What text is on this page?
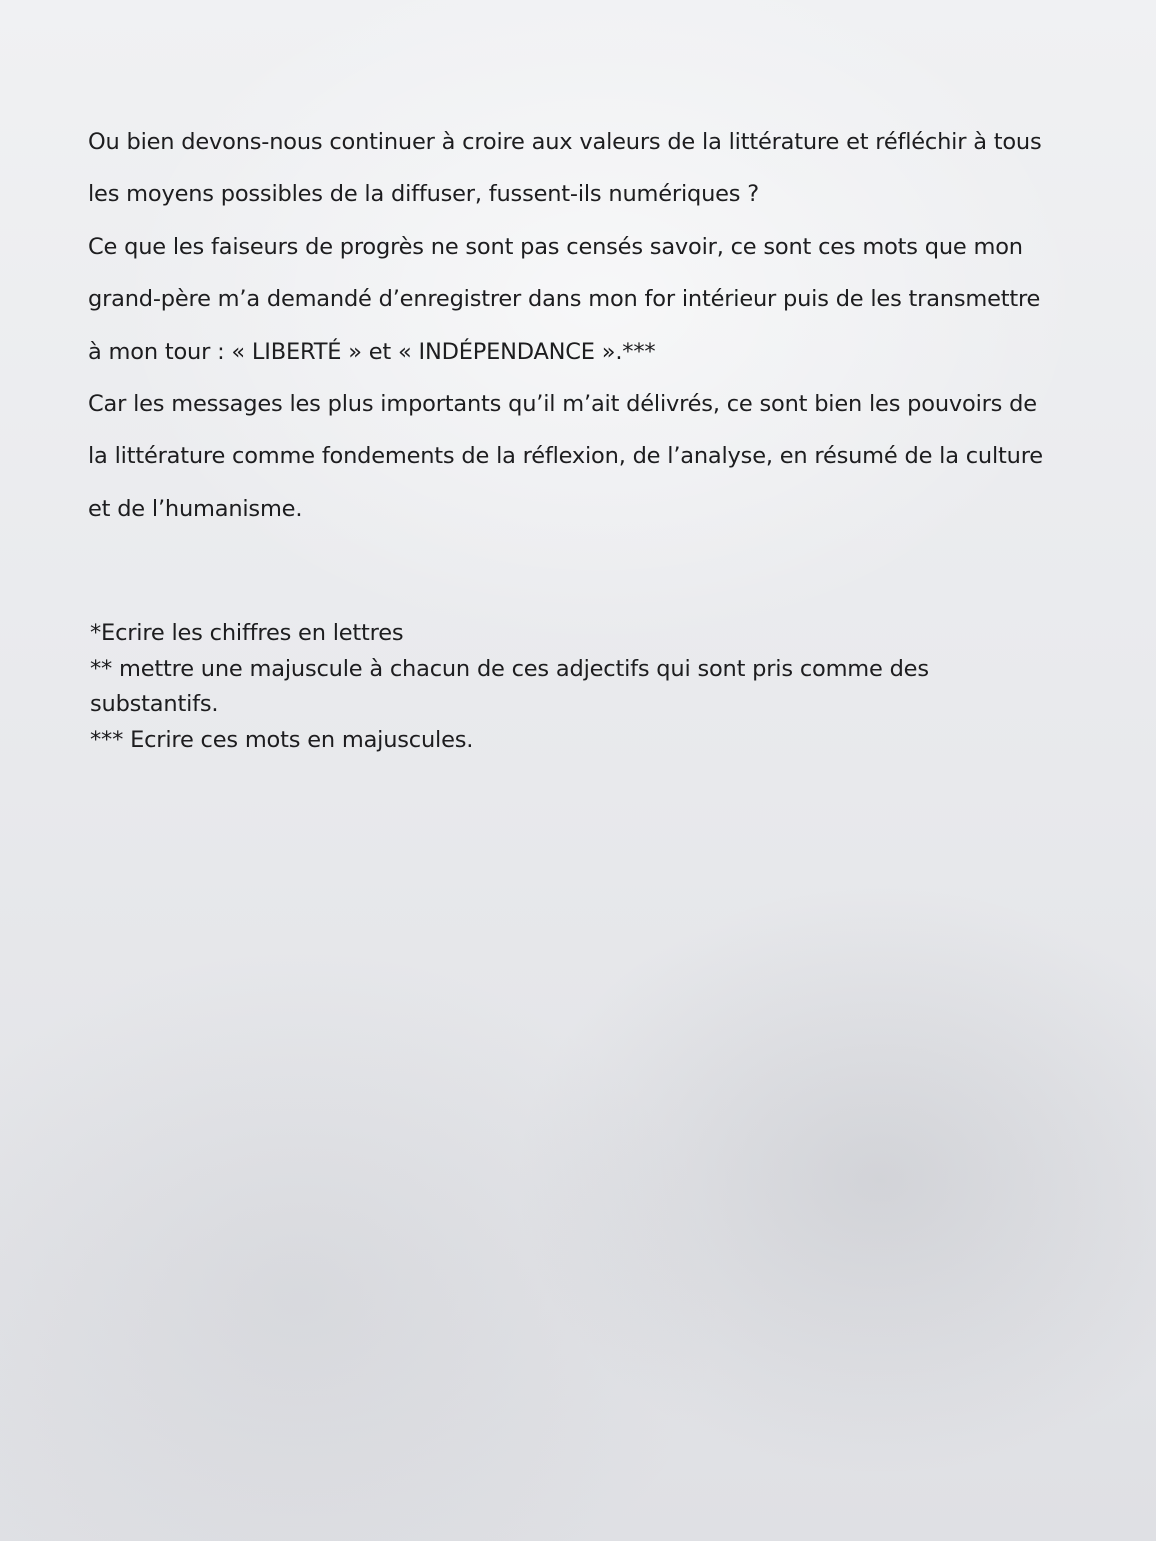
Ou bien devons-nous continuer à croire aux valeurs de la littérature et réfléchir à tous
les moyens possibles de la diffuser, fussent-ils numériques ?
Ce que les faiseurs de progrès ne sont pas censés savoir, ce sont ces mots que mon
grand-père m’a demandé d’enregistrer dans mon for intérieur puis de les transmettre
à mon tour : « LIBERTÉ » et « INDÉPENDANCE ».***
Car les messages les plus importants qu’il m’ait délivrés, ce sont bien les pouvoirs de
la littérature comme fondements de la réflexion, de l’analyse, en résumé de la culture
et de l’humanisme.
*Ecrire les chiffres en lettres
** mettre une majuscule à chacun de ces adjectifs qui sont pris comme des
substantifs.
*** Ecrire ces mots en majuscules.
